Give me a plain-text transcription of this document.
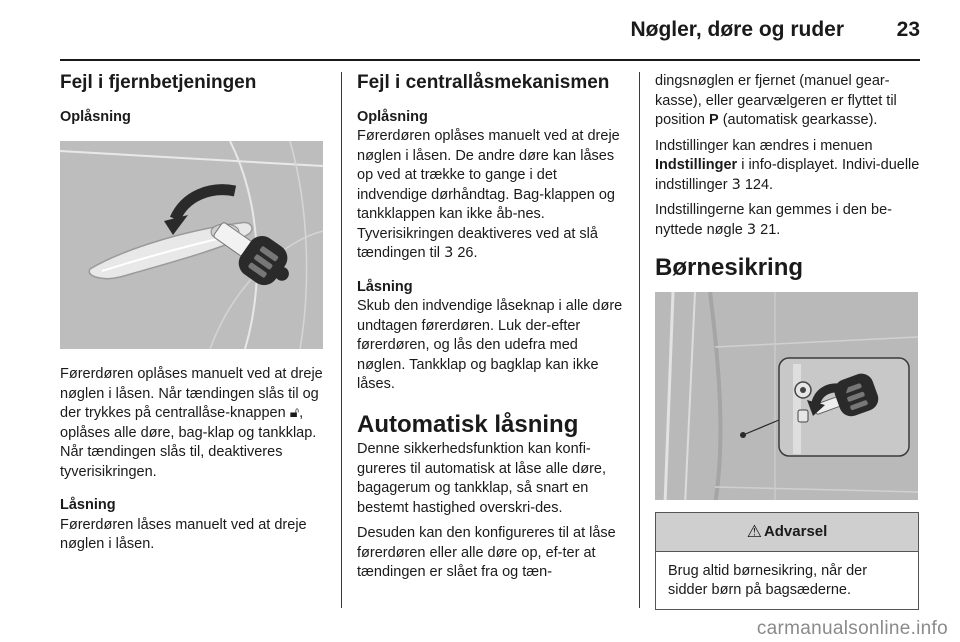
Nøgler, døre og ruder	23
Fejl i fjernbetjeningen
Oplåsning

Førerdøren oplåses manuelt ved at dreje nøglen i låsen. Når tændingen slås til og der trykkes på centrallåse-knappen 🔓︎, oplåses alle døre, bag-klap og tankklap. Når tændingen slås til, deaktiveres tyverisikringen.

Låsning

Førerdøren låses manuelt ved at dreje nøglen i låsen.

Fejl i centrallåsmekanismen
Oplåsning

Førerdøren oplåses manuelt ved at dreje nøglen i låsen. De andre døre kan låses op ved at trække to gange i det indvendige dørhåndtag. Bag-klappen og tankklappen kan ikke åb-nes. Tyverisikringen deaktiveres ved at slå tændingen til 3 26.

Låsning

Skub den indvendige låseknap i alle døre undtagen førerdøren. Luk der-efter førerdøren, og lås den udefra med nøglen. Tankklap og bagklap kan ikke låses.

Automatisk låsning

Denne sikkerhedsfunktion kan konfi-gureres til automatisk at låse alle døre, bagagerum og tankklap, så snart en bestemt hastighed overskri-des.

Desuden kan den konfigureres til at låse førerdøren eller alle døre op, ef-ter at tændingen er slået fra og tæn-

dingsnøglen er fjernet (manuel gear-kasse), eller gearvælgeren er flyttet til position P (automatisk gearkasse).

Indstillinger kan ændres i menuen Indstillinger i info-displayet. Indivi-duelle indstillinger 3 124.

Indstillingerne kan gemmes i den be-nyttede nøgle 3 21.

Børnesikring
⚠ Advarsel
Brug altid børnesikring, når der sidder børn på bagsæderne.
carmanualsonline.info
